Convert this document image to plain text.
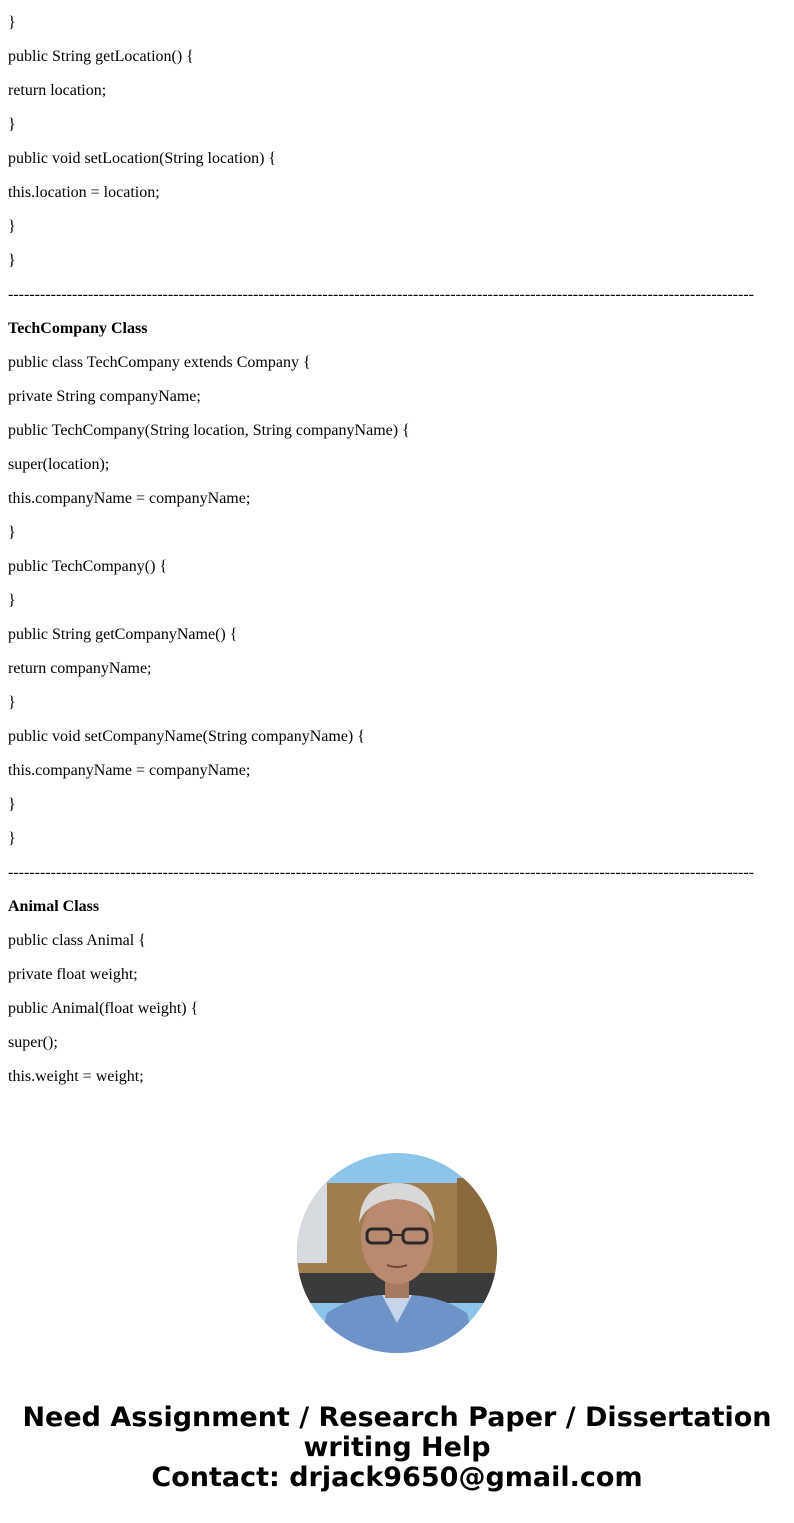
}
public String getLocation() {
return location;
}
public void setLocation(String location) {
this.location = location;
}
}
--------------------------------------------------------------------------------------------------------------------------------------------
TechCompany Class
public class TechCompany extends Company {
private String companyName;
public TechCompany(String location, String companyName) {
super(location);
this.companyName = companyName;
}
public TechCompany() {
}
public String getCompanyName() {
return companyName;
}
public void setCompanyName(String companyName) {
this.companyName = companyName;
}
}
--------------------------------------------------------------------------------------------------------------------------------------------
Animal Class
public class Animal {
private float weight;
public Animal(float weight) {
super();
this.weight = weight;
Need Assignment / Research Paper / Dissertation
writing Help
Contact: drjack9650@gmail.com
